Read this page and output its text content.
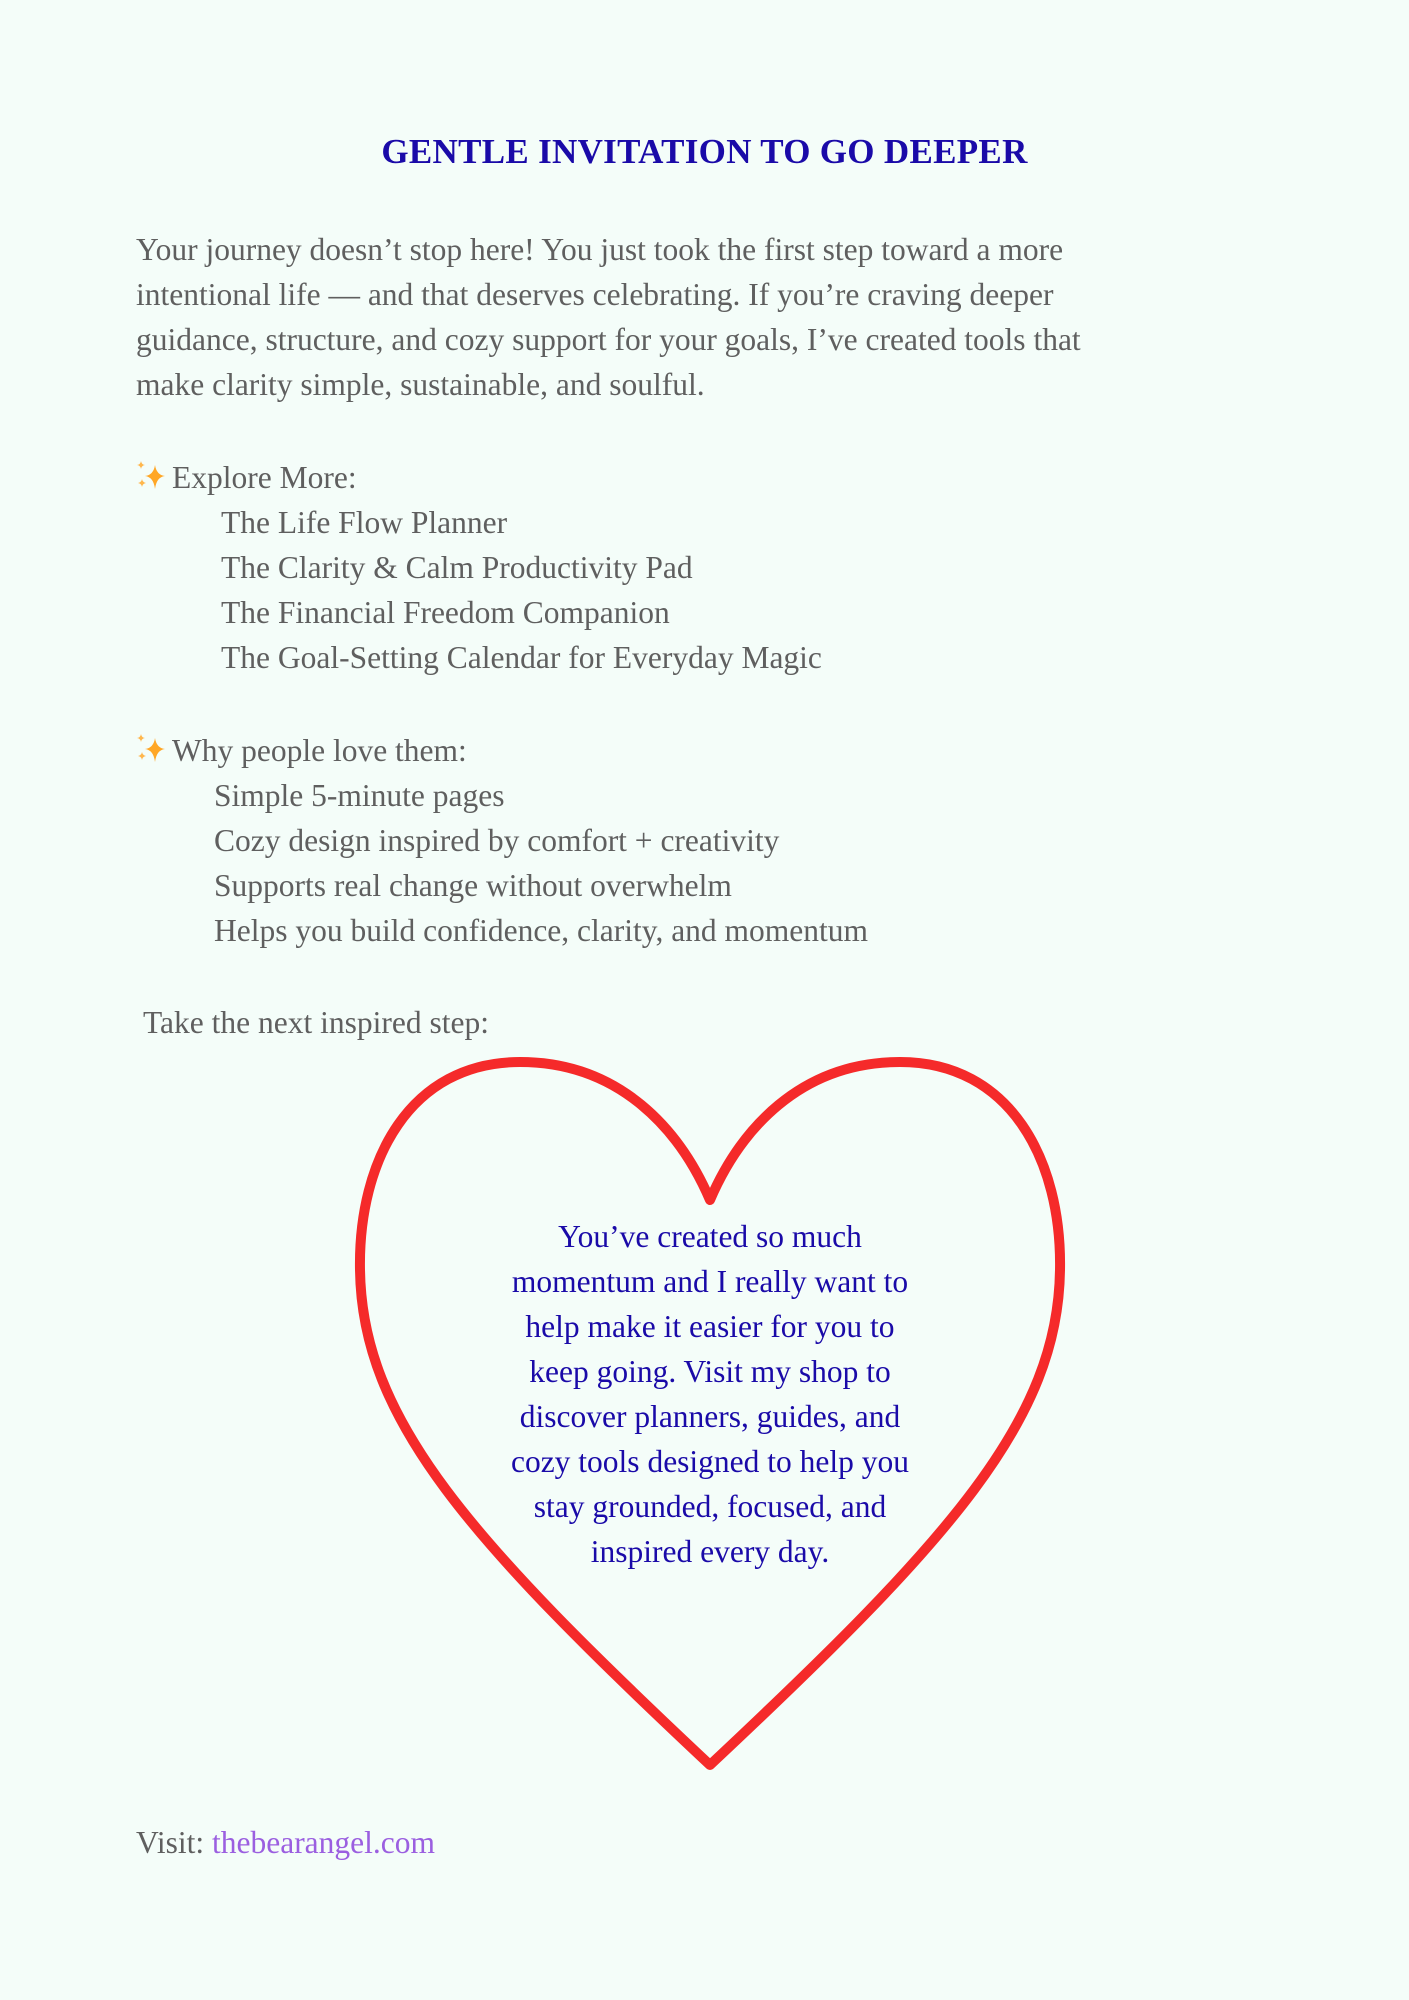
GENTLE INVITATION TO GO DEEPER
Your journey doesn’t stop here! You just took the first step toward a more
intentional life — and that deserves celebrating. If you’re craving deeper
guidance, structure, and cozy support for your goals, I’ve created tools that
make clarity simple, sustainable, and soulful.
Explore More:
The Life Flow Planner
The Clarity & Calm Productivity Pad
The Financial Freedom Companion
The Goal-Setting Calendar for Everyday Magic
Why people love them:
Simple 5-minute pages
Cozy design inspired by comfort + creativity
Supports real change without overwhelm
Helps you build confidence, clarity, and momentum
Take the next inspired step:
You’ve created so much
momentum and I really want to
help make it easier for you to
keep going. Visit my shop to
discover planners, guides, and
cozy tools designed to help you
stay grounded, focused, and
inspired every day.
Visit: thebearangel.com
